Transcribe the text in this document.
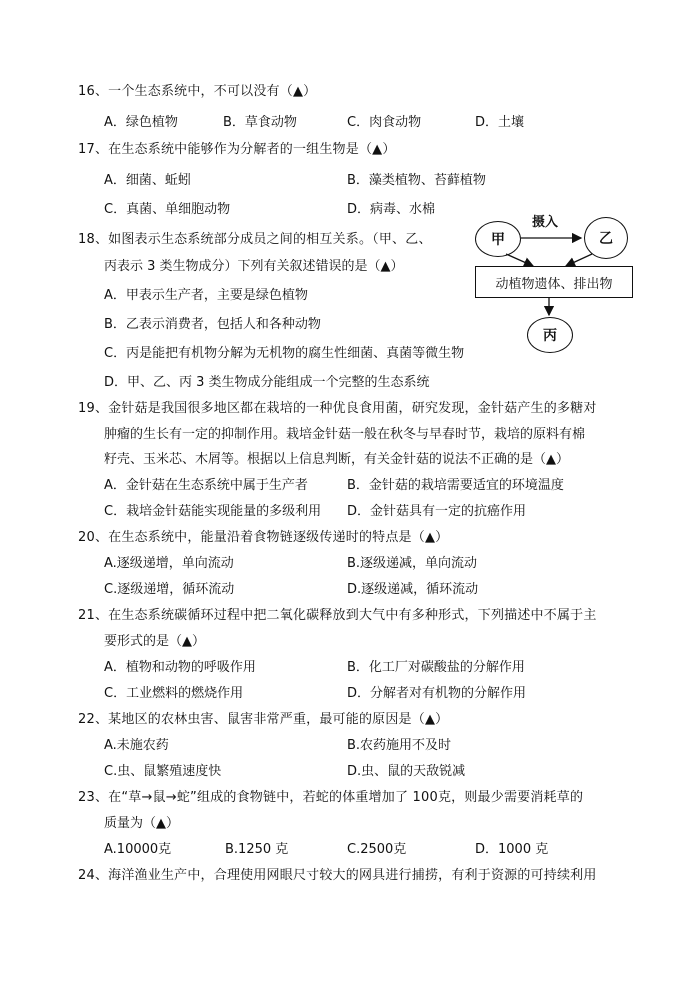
16、一个生态系统中，不可以没有（▲）
A．绿色植物	B．草食动物	C．肉食动物	D．土壤
17、在生态系统中能够作为分解者的一组生物是（▲）
A．细菌、蚯蚓	B．藻类植物、苔藓植物
C．真菌、单细胞动物	D．病毒、水棉
18、如图表示生态系统部分成员之间的相互关系。（甲、乙、
丙表示 3 类生物成分）下列有关叙述错误的是（▲）
A．甲表示生产者，主要是绿色植物
B．乙表示消费者，包括人和各种动物
C．丙是能把有机物分解为无机物的腐生性细菌、真菌等微生物
D．甲、乙、丙 3 类生物成分能组成一个完整的生态系统
甲	乙
摄入
动植物遗体、排出物
丙
19、金针菇是我国很多地区都在栽培的一种优良食用菌，研究发现，金针菇产生的多糖对
肿瘤的生长有一定的抑制作用。栽培金针菇一般在秋冬与早春时节，栽培的原料有棉
籽壳、玉米芯、木屑等。根据以上信息判断，有关金针菇的说法不正确的是（▲）
A．金针菇在生态系统中属于生产者	B．金针菇的栽培需要适宜的环境温度
C．栽培金针菇能实现能量的多级利用 D．金针菇具有一定的抗癌作用
20、在生态系统中，能量沿着食物链逐级传递时的特点是（▲）
A.逐级递增，单向流动	B.逐级递减，单向流动
C.逐级递增，循环流动	D.逐级递减，循环流动
21、在生态系统碳循环过程中把二氧化碳释放到大气中有多种形式，下列描述中不属于主
要形式的是（▲）
A．植物和动物的呼吸作用	B．化工厂对碳酸盐的分解作用
C．工业燃料的燃烧作用	D．分解者对有机物的分解作用
22、某地区的农林虫害、鼠害非常严重，最可能的原因是（▲）
A.未施农药	B.农药施用不及时
C.虫、鼠繁殖速度快	D.虫、鼠的天敌锐减
23、在“草→鼠→蛇”组成的食物链中，若蛇的体重增加了 100克，则最少需要消耗草的
质量为（▲）
A.10000克	B.1250 克	C.2500克	D．1000 克
24、海洋渔业生产中，合理使用网眼尺寸较大的网具进行捕捞，有利于资源的可持续利用
